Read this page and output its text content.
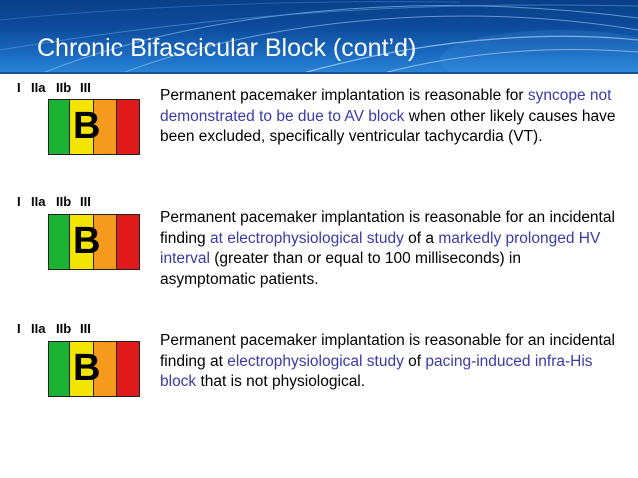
Chronic Bifascicular Block (cont’d)
I IIa IIb III
B

Permanent pacemaker implantation is reasonable for syncope not demonstrated to be due to AV block when other likely causes have been excluded, specifically ventricular tachycardia (VT).

I IIa IIb III
B

Permanent pacemaker implantation is reasonable for an incidental finding at electrophysiological study of a markedly prolonged HV interval (greater than or equal to 100 milliseconds) in asymptomatic patients.

I IIa IIb III
B

Permanent pacemaker implantation is reasonable for an incidental finding at electrophysiological study of pacing-induced infra-His block that is not physiological.
